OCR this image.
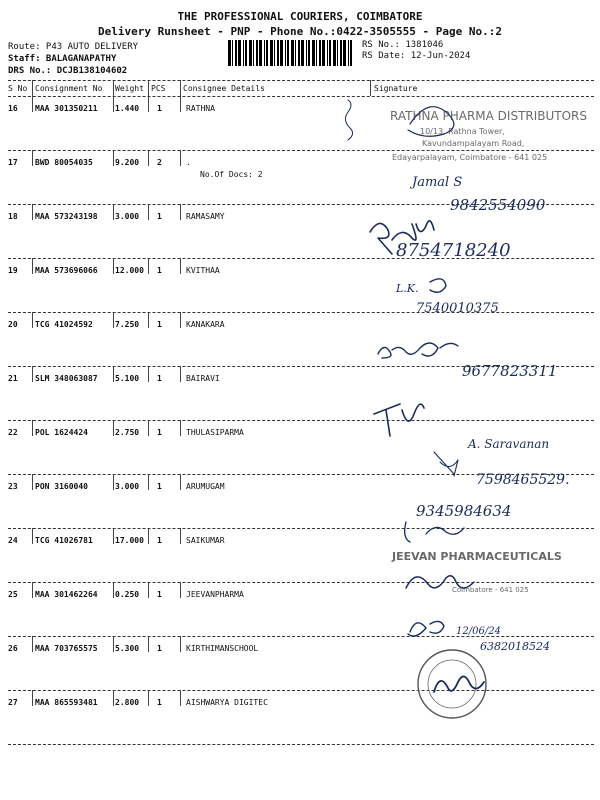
THE PROFESSIONAL COURIERS, COIMBATORE
Delivery Runsheet - PNP - Phone No.:0422-3505555 - Page No.:2
Route: P43 AUTO DELIVERY
Staff: BALAGANAPATHY
DRS No.: DCJB138104602
RS No.: 1381046
RS Date: 12-Jun-2024
S No Consignment No Weight PCS Consignee Details	Signature
16 MAA 301350211 1.440 1	RATHNA
17 BWD 80054035	9.200 2	.
No.Of Docs: 2
18 MAA 573243198 3.000 1	RAMASAMY
19 MAA 573696066 12.000 1	KVITHAA
20 TCG 41024592	7.250 1	KANAKARA
21 SLM 348063087 5.100 1	BAIRAVI
22 POL 1624424	2.750 1	THULASIPARMA
23 PON 3160040	3.000 1	ARUMUGAM
24 TCG 41026781	17.000 1	SAIKUMAR
25 MAA 301462264 0.250 1	JEEVANPHARMA
26 MAA 703765575 5.300 1	KIRTHIMANSCHOOL
27 MAA 865593481 2.800 1	AISHWARYA DIGITEC
RATHNA PHARMA DISTRIBUTORS
10/13, Rathna Tower,
Kavundampalayam Road,
Edayarpalayam, Coimbatore - 641 025
Jamal S
9842554090
8754718240
L.K.
7540010375
9677823311
A. Saravanan
7598465529.
9345984634
JEEVAN PHARMACEUTICALS
Coimbatore - 641 025
12/06/24
6382018524
